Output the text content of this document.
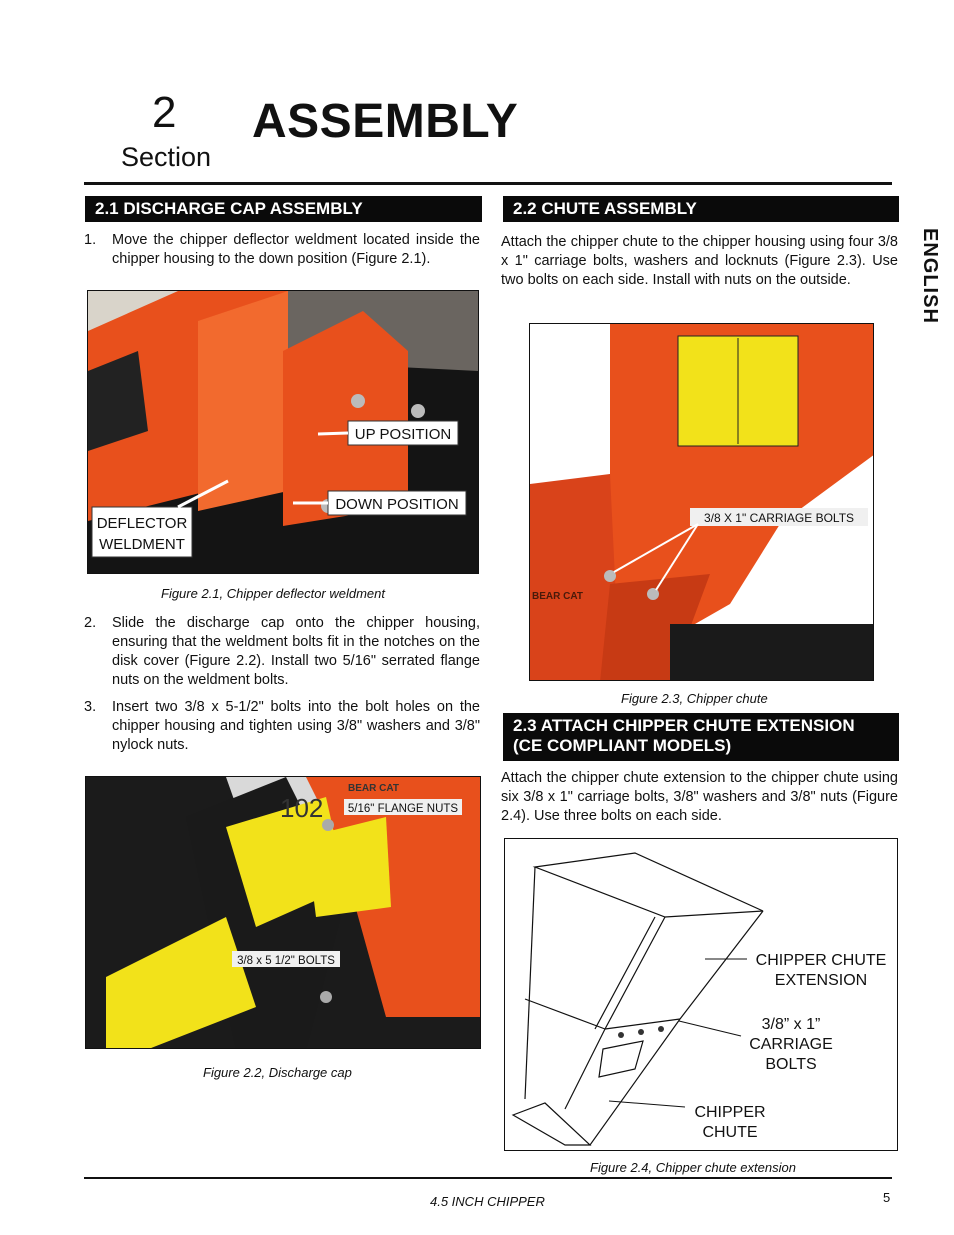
2
Section
ASSEMBLY
ENGLISH
2.1 DISCHARGE CAP ASSEMBLY
1. Move the chipper deflector weldment located inside the chipper housing to the down position (Figure 2.1).
UP POSITION
DOWN POSITION
DEFLECTOR
WELDMENT
Figure 2.1, Chipper deflector weldment
2. Slide the discharge cap onto the chipper housing, ensuring that the weldment bolts fit in the notches on the disk cover (Figure 2.2). Install two 5/16" serrated flange nuts on the weldment bolts.
3. Insert two 3/8 x 5-1/2" bolts into the bolt holes on the chipper housing and tighten using 3/8" washers and 3/8" nylock nuts.
5/16" FLANGE NUTS
3/8 x 5 1/2" BOLTS
BEAR CAT
102
Figure 2.2, Discharge cap
2.2 CHUTE ASSEMBLY
Attach the chipper chute to the chipper housing using four 3/8 x 1" carriage bolts, washers and locknuts (Figure 2.3). Use two bolts on each side. Install with nuts on the outside.
3/8 X 1" CARRIAGE BOLTS
BEAR CAT
Figure 2.3, Chipper chute
2.3 ATTACH CHIPPER CHUTE EXTENSION
(CE COMPLIANT MODELS)
Attach the chipper chute extension to the chipper chute using six 3/8 x 1" carriage bolts, 3/8" washers and 3/8" nuts (Figure 2.4). Use three bolts on each side.
CHIPPER CHUTE
EXTENSION
3/8” x 1”
CARRIAGE
BOLTS
CHIPPER
CHUTE
Figure 2.4, Chipper chute extension
4.5 INCH CHIPPER	5
